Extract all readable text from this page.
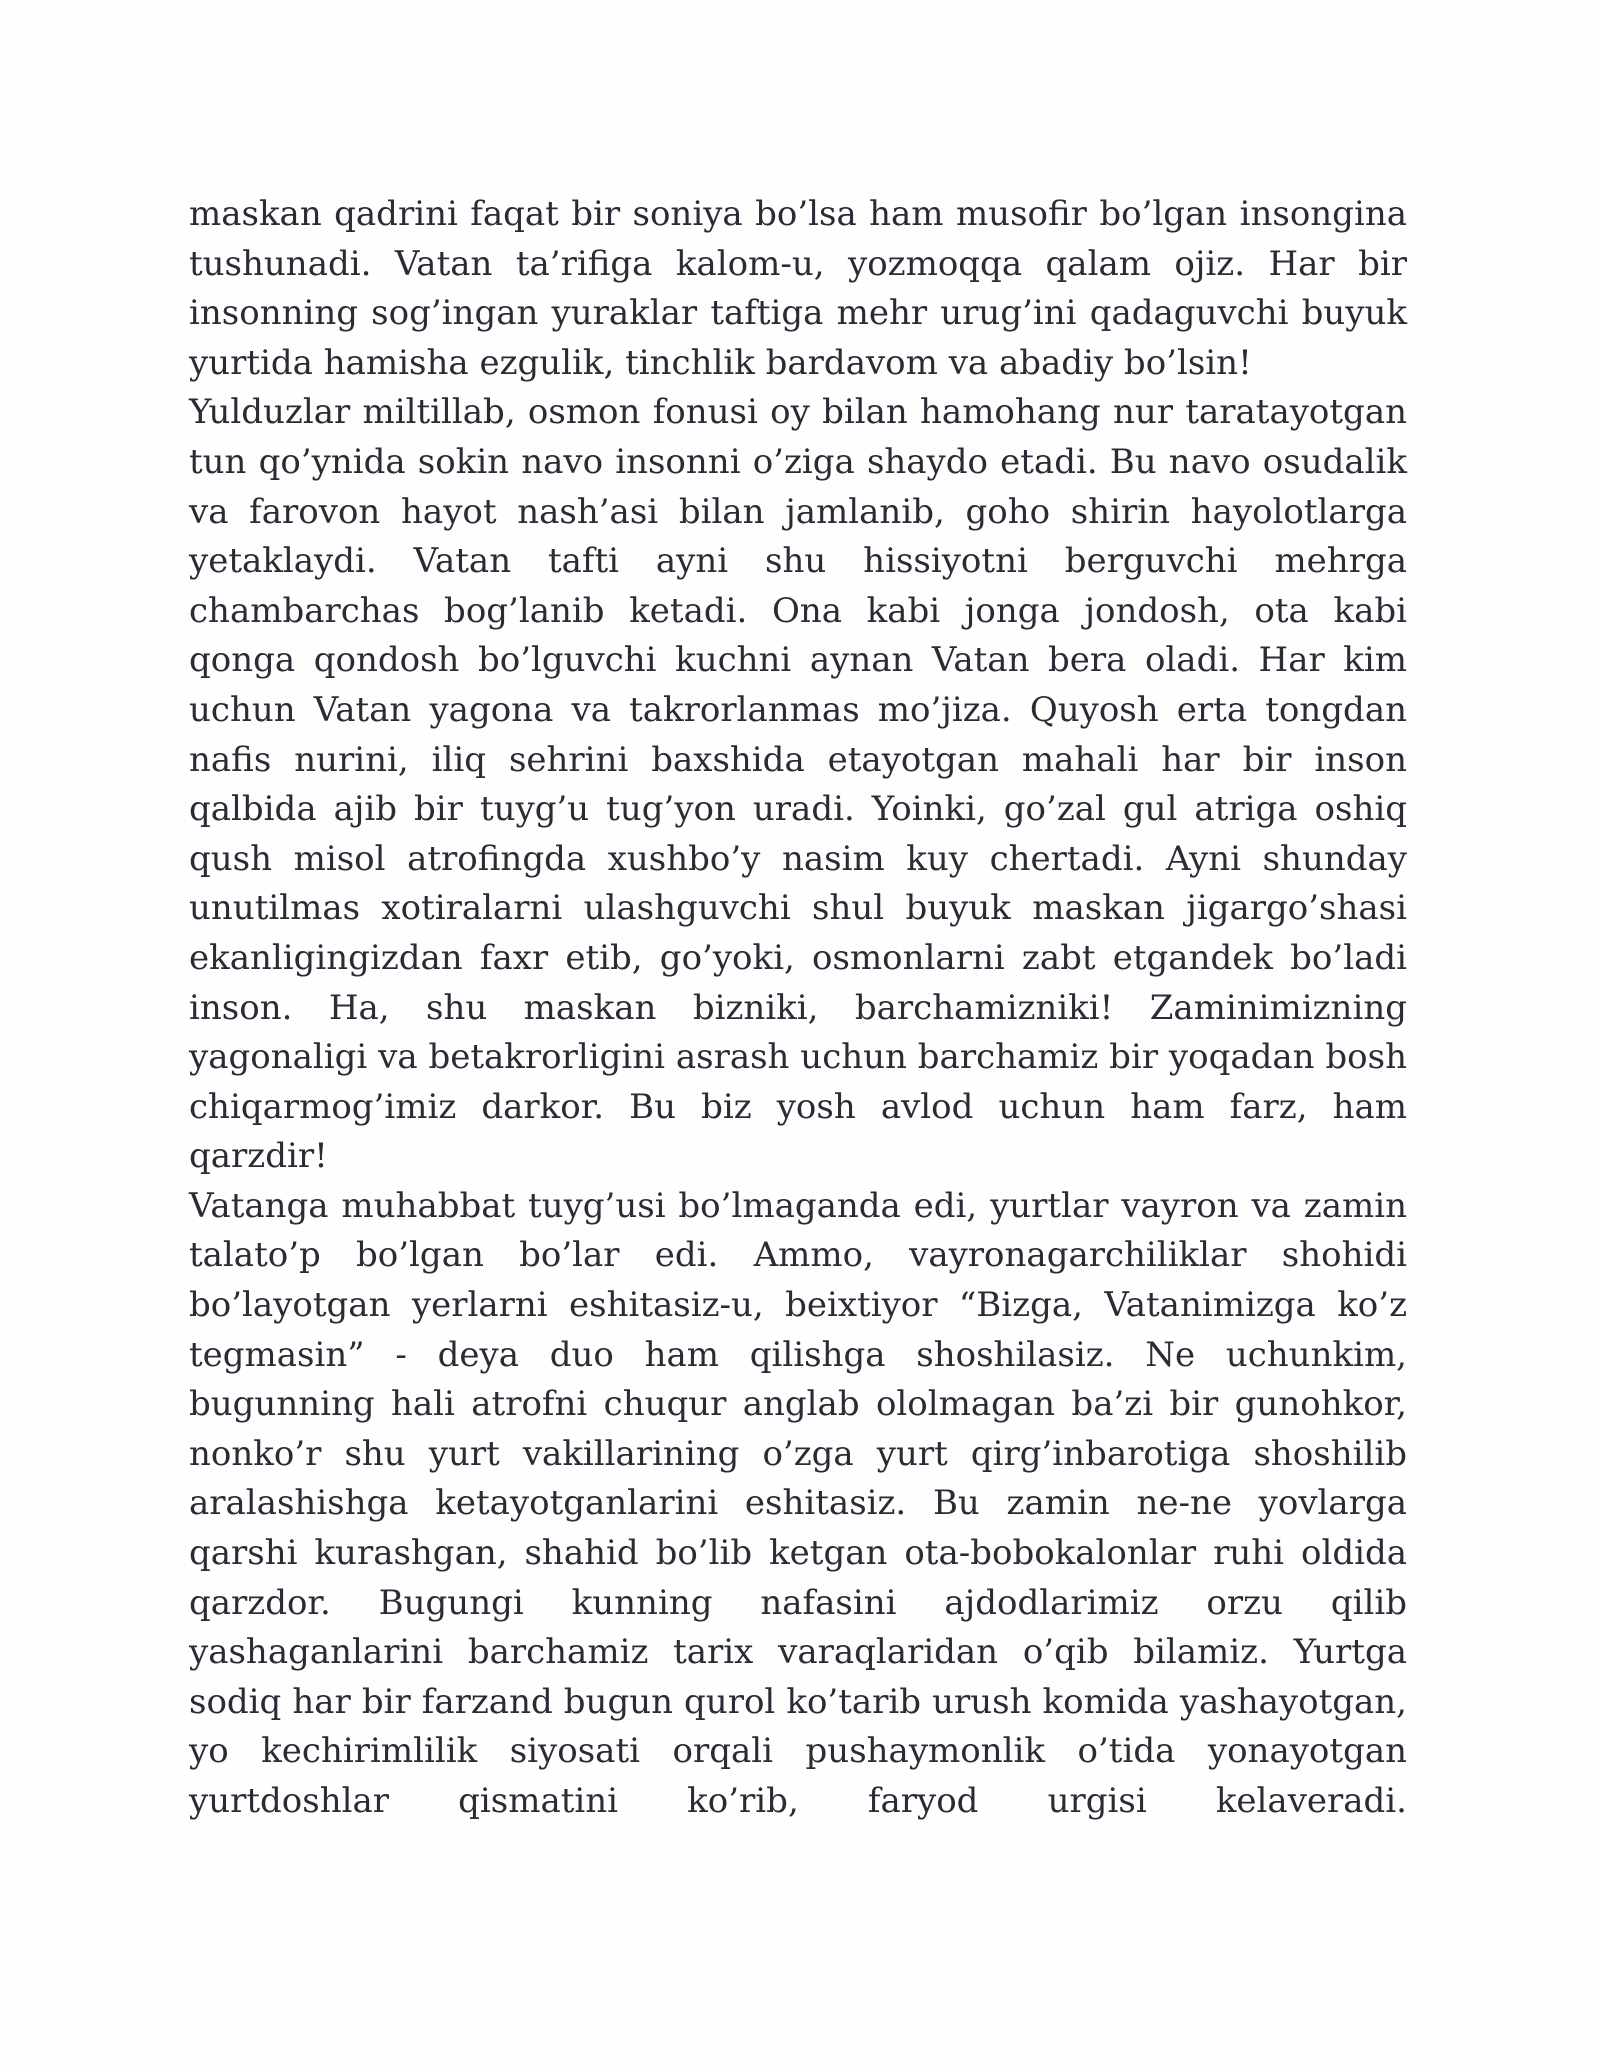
maskan qadrini faqat bir soniya bo’lsa ham musofir bo’lgan insongina tushunadi. Vatan ta’rifiga kalom-u, yozmoqqa qalam ojiz. Har bir insonning sog’ingan yuraklar taftiga mehr urug’ini qadaguvchi buyuk yurtida hamisha ezgulik, tinchlik bardavom va abadiy bo’lsin!

Yulduzlar miltillab, osmon fonusi oy bilan hamohang nur taratayotgan tun qo’ynida sokin navo insonni o’ziga shaydo etadi. Bu navo osudalik va farovon hayot nash’asi bilan jamlanib, goho shirin hayolotlarga yetaklaydi. Vatan tafti ayni shu hissiyotni berguvchi mehrga chambarchas bog’lanib ketadi. Ona kabi jonga jondosh, ota kabi qonga qondosh bo’lguvchi kuchni aynan Vatan bera oladi. Har kim uchun Vatan yagona va takrorlanmas mo’jiza. Quyosh erta tongdan nafis nurini, iliq sehrini baxshida etayotgan mahali har bir inson qalbida ajib bir tuyg’u tug’yon uradi. Yoinki, go’zal gul atriga oshiq qush misol atrofingda xushbo’y nasim kuy chertadi. Ayni shunday unutilmas xotiralarni ulashguvchi shul buyuk maskan jigargo’shasi ekanligingizdan faxr etib, go’yoki, osmonlarni zabt etgandek bo’ladi inson. Ha, shu maskan bizniki, barchamizniki! Zaminimizning yagonaligi va betakrorligini asrash uchun barchamiz bir yoqadan bosh chiqarmog’imiz darkor. Bu biz yosh avlod uchun ham farz, ham qarzdir!

Vatanga muhabbat tuyg’usi bo’lmaganda edi, yurtlar vayron va zamin talato’p bo’lgan bo’lar edi. Ammo, vayronagarchiliklar shohidi bo’layotgan yerlarni eshitasiz-u, beixtiyor “Bizga, Vatanimizga ko’z tegmasin” - deya duo ham qilishga shoshilasiz. Ne uchunkim, bugunning hali atrofni chuqur anglab ololmagan ba’zi bir gunohkor, nonko’r shu yurt vakillarining o’zga yurt qirg’inbarotiga shoshilib aralashishga ketayotganlarini eshitasiz. Bu zamin ne-ne yovlarga qarshi kurashgan, shahid bo’lib ketgan ota-bobokalonlar ruhi oldida qarzdor. Bugungi kunning nafasini ajdodlarimiz orzu qilib yashaganlarini barchamiz tarix varaqlaridan o’qib bilamiz. Yurtga sodiq har bir farzand bugun qurol ko’tarib urush komida yashayotgan, yo kechirimlilik siyosati orqali pushaymonlik o’tida yonayotgan yurtdoshlar qismatini ko’rib, faryod urgisi kelaveradi.
